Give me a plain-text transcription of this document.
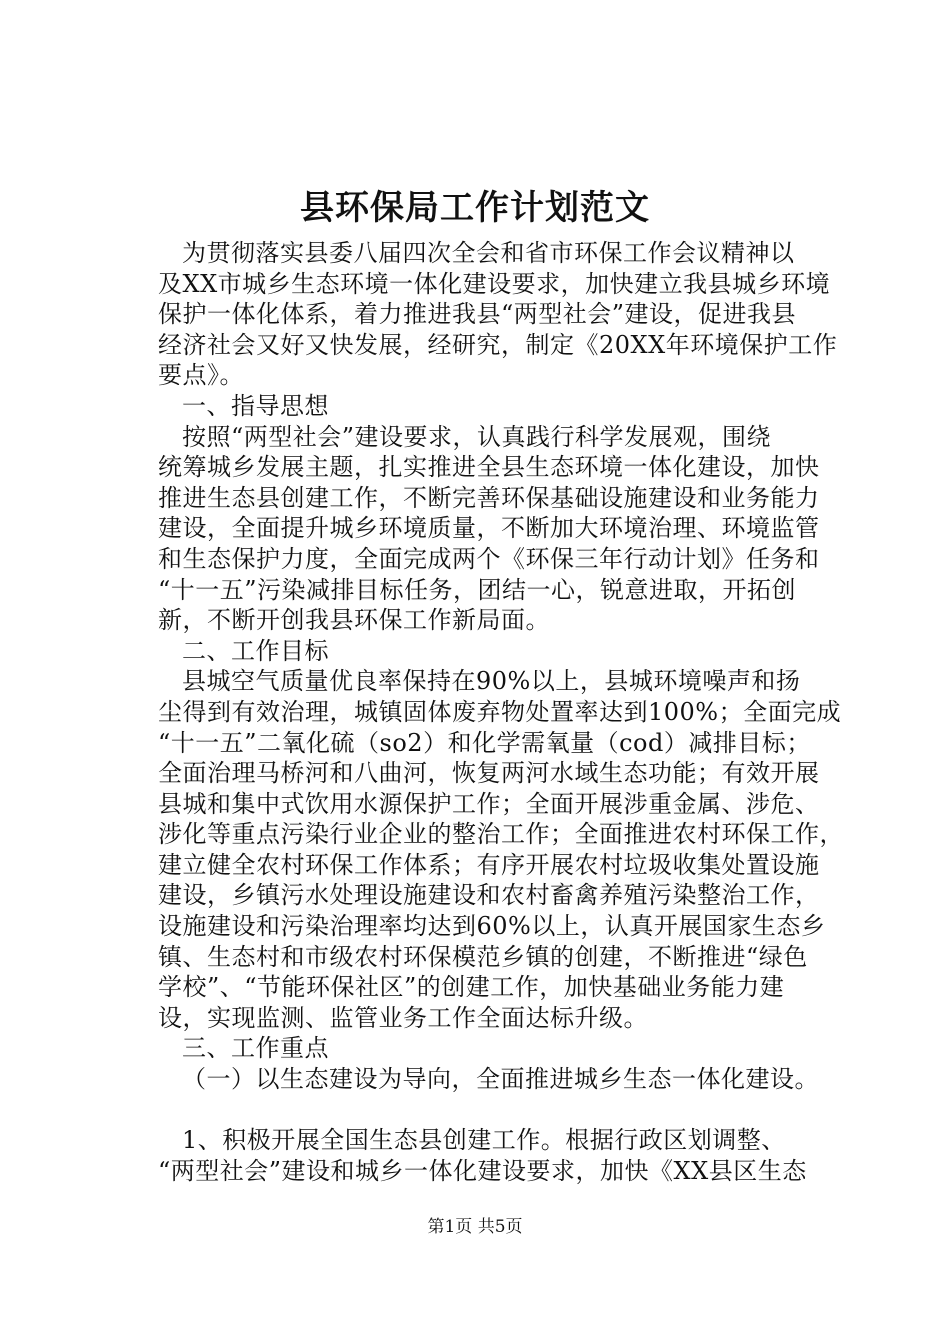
县环保局工作计划范文
为贯彻落实县委八届四次全会和省市环保工作会议精神以
及XX市城乡生态环境一体化建设要求，加快建立我县城乡环境
保护一体化体系，着力推进我县“两型社会”建设，促进我县
经济社会又好又快发展，经研究，制定《20XX年环境保护工作
要点》。
一、指导思想
按照“两型社会”建设要求，认真践行科学发展观，围绕
统筹城乡发展主题，扎实推进全县生态环境一体化建设，加快
推进生态县创建工作，不断完善环保基础设施建设和业务能力
建设，全面提升城乡环境质量，不断加大环境治理、环境监管
和生态保护力度，全面完成两个《环保三年行动计划》任务和
“十一五”污染减排目标任务，团结一心，锐意进取，开拓创
新，不断开创我县环保工作新局面。
二、工作目标
县城空气质量优良率保持在90%以上，县城环境噪声和扬
尘得到有效治理，城镇固体废弃物处置率达到100%；全面完成
“十一五”二氧化硫（so2）和化学需氧量（cod）减排目标；
全面治理马桥河和八曲河，恢复两河水域生态功能；有效开展
县城和集中式饮用水源保护工作；全面开展涉重金属、涉危、
涉化等重点污染行业企业的整治工作；全面推进农村环保工作，
建立健全农村环保工作体系；有序开展农村垃圾收集处置设施
建设，乡镇污水处理设施建设和农村畜禽养殖污染整治工作，
设施建设和污染治理率均达到60%以上，认真开展国家生态乡
镇、生态村和市级农村环保模范乡镇的创建，不断推进“绿色
学校”、“节能环保社区”的创建工作，加快基础业务能力建
设，实现监测、监管业务工作全面达标升级。
三、工作重点
（一）以生态建设为导向，全面推进城乡生态一体化建设。
1、积极开展全国生态县创建工作。根据行政区划调整、
“两型社会”建设和城乡一体化建设要求，加快《XX县区生态
第1页 共5页
